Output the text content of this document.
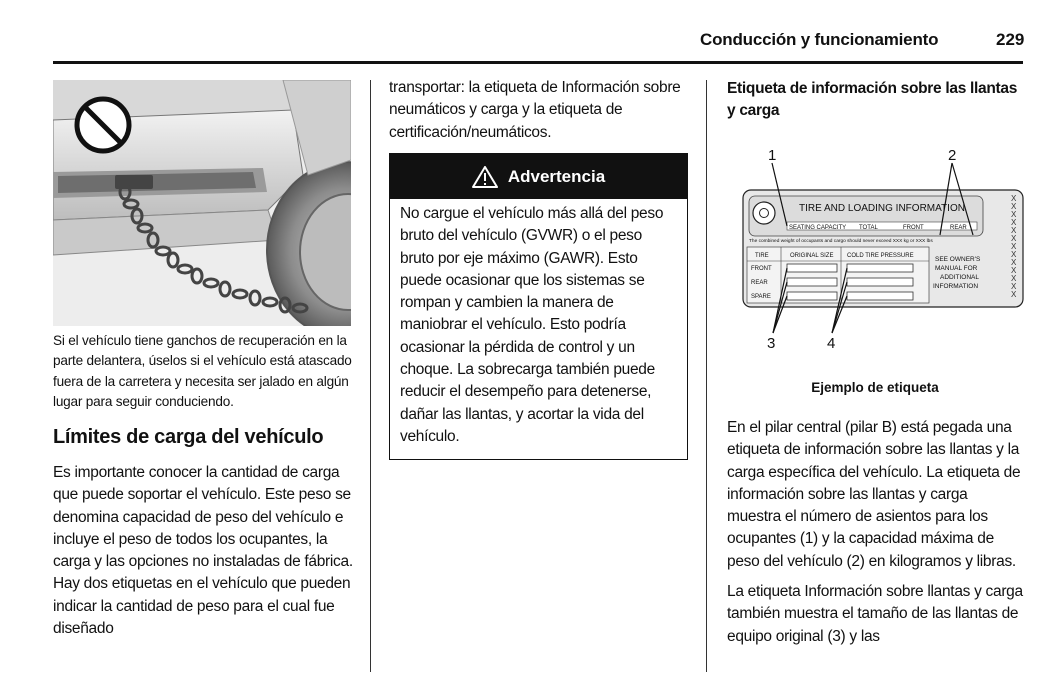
Conducción y funcionamiento	229
Si el vehículo tiene ganchos de recuperación en la parte delantera, úselos si el vehículo está atascado fuera de la carretera y necesita ser jalado en algún lugar para seguir conduciendo.
Límites de carga del vehículo

Es importante conocer la cantidad de carga que puede soportar el vehículo. Este peso se denomina capacidad de peso del vehículo e incluye el peso de todos los ocupantes, la carga y las opciones no instaladas de fábrica. Hay dos etiquetas en el vehículo que pueden indicar la cantidad de peso para el cual fue diseñado

transportar: la etiqueta de Información sobre neumáticos y carga y la etiqueta de certificación/neumáticos.

Advertencia

No cargue el vehículo más allá del peso bruto del vehículo (GVWR) o el peso bruto por eje máximo (GAWR). Esto puede ocasionar que los sistemas se rompan y cambien la manera de maniobrar el vehículo. Esto podría ocasionar la pérdida de control y un choque. La sobrecarga también puede reducir el desempeño para detenerse, dañar las llantas, y acortar la vida del vehículo.

Etiqueta de información sobre las llantas y carga
1	2
3	4
TIRE AND LOADING INFORMATION
SEATING CAPACITY TOTAL	FRONT	REAR
The combined weight of occupants and cargo should never exceed XXX kg or XXX lbs
TIRE	ORIGINAL SIZE COLD TIRE PRESSURE
FRONT
REAR
SPARE
SEE OWNER'S
MANUAL FOR
ADDITIONAL
INFORMATION
X
X
X
X
X
X
X
X
X
X
X
X
X
Ejemplo de etiqueta

En el pilar central (pilar B) está pegada una etiqueta de información sobre las llantas y la carga específica del vehículo. La etiqueta de información sobre las llantas y carga muestra el número de asientos para los ocupantes (1) y la capacidad máxima de peso del vehículo (2) en kilogramos y libras.

La etiqueta Información sobre llantas y carga también muestra el tamaño de las llantas de equipo original (3) y las
